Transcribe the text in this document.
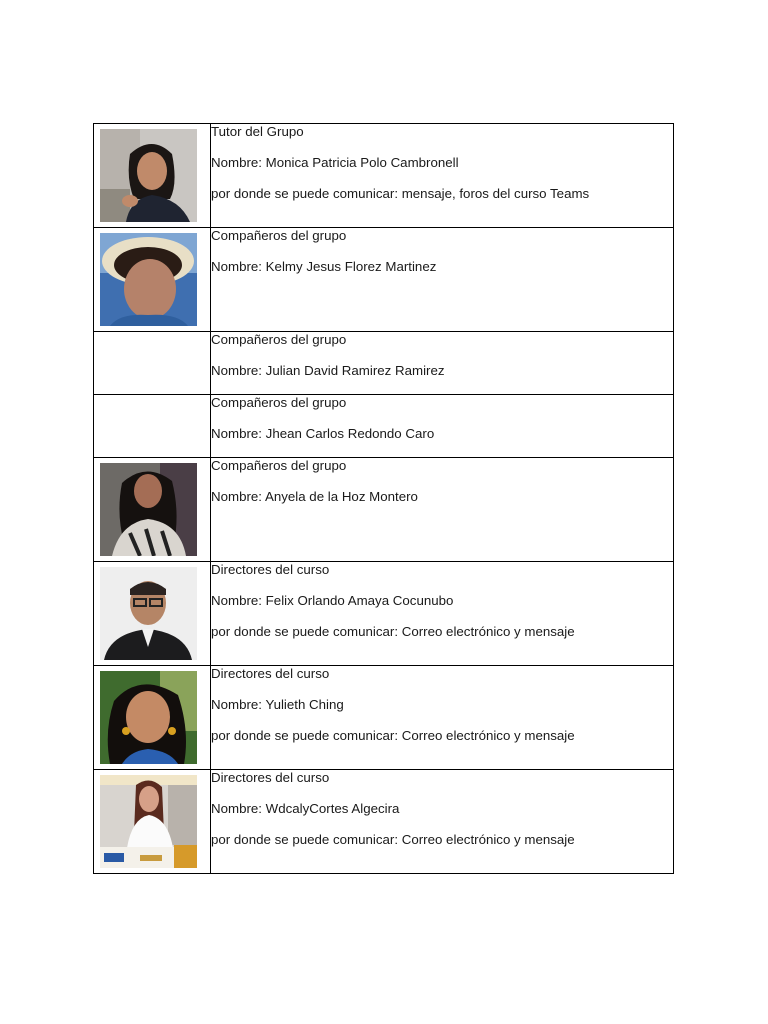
Tutor del Grupo
Nombre: Monica Patricia Polo Cambronell
por donde se puede comunicar: mensaje, foros del curso Teams

Compañeros del grupo
Nombre: Kelmy Jesus Florez Martinez

	Compañeros del grupo
Nombre: Julian David Ramirez Ramirez

	Compañeros del grupo
Nombre: Jhean Carlos Redondo Caro

Compañeros del grupo
Nombre: Anyela de la Hoz Montero

Directores del curso
Nombre: Felix Orlando Amaya Cocunubo
por donde se puede comunicar: Correo electrónico y mensaje

Directores del curso
Nombre: Yulieth Ching
por donde se puede comunicar: Correo electrónico y mensaje

Directores del curso
Nombre: WdcalyCortes Algecira
por donde se puede comunicar: Correo electrónico y mensaje
